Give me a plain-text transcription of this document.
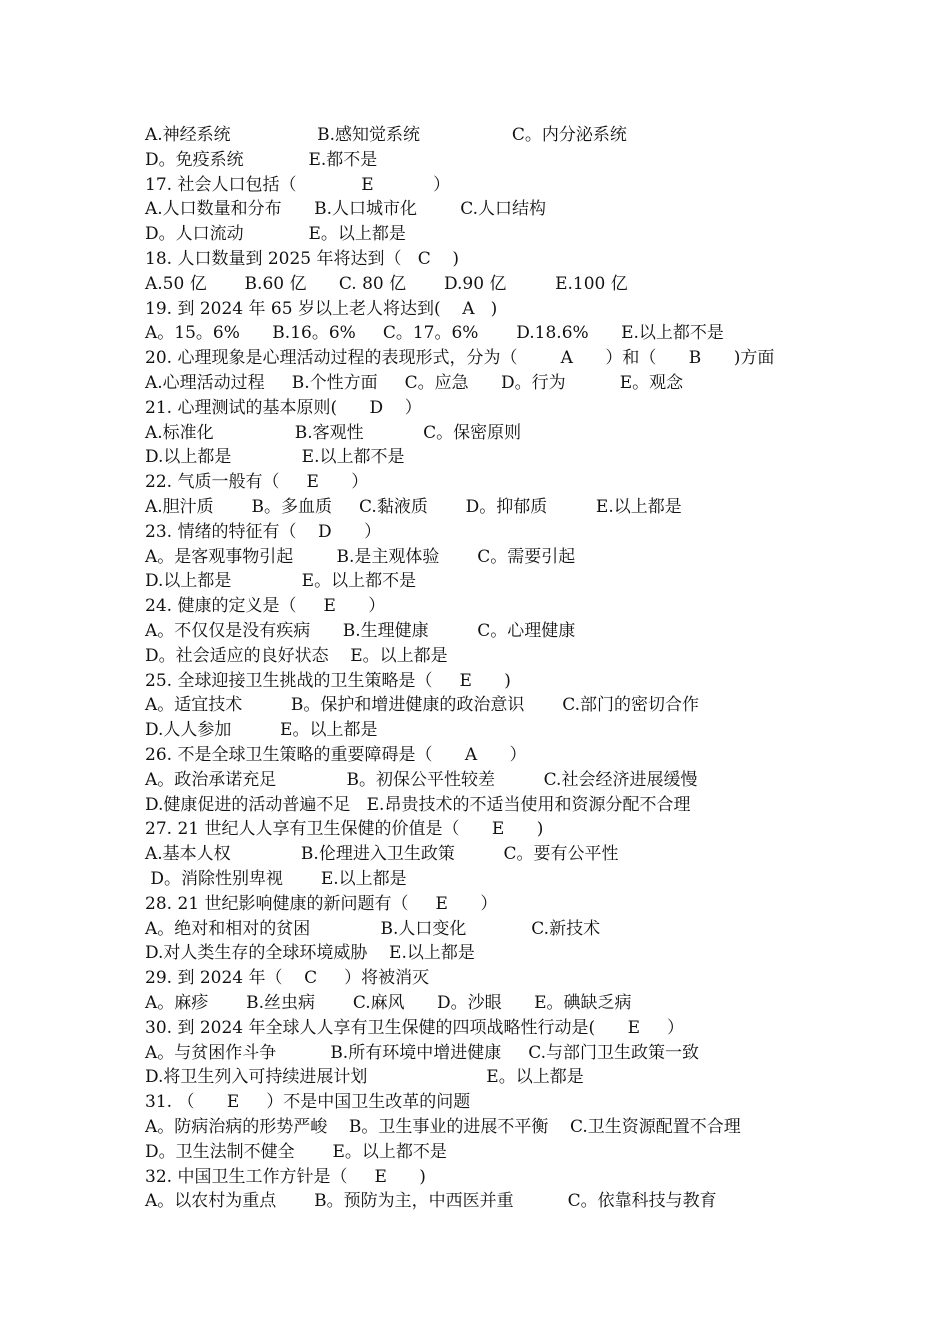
A.神经系统                B.感知觉系统                 C。内分泌系统
D。免疫系统            E.都不是
17. 社会人口包括（            E           ）
A.人口数量和分布      B.人口城市化        C.人口结构
D。人口流动            E。以上都是
18. 人口数量到 2025 年将达到（   C    )
A.50 亿       B.60 亿      C. 80 亿       D.90 亿         E.100 亿
19. 到 2024 年 65 岁以上老人将达到(    A   )
A。15。6%      B.16。6%     C。17。6%       D.18.6%      E.以上都不是
20. 心理现象是心理活动过程的表现形式，分为（        A      ）和（      B      )方面
A.心理活动过程     B.个性方面     C。应急      D。行为          E。观念
21. 心理测试的基本原则(      D    ）
A.标准化               B.客观性           C。保密原则
D.以上都是             E.以上都不是
22. 气质一般有（     E      ）
A.胆汁质       B。多血质     C.黏液质       D。抑郁质         E.以上都是
23. 情绪的特征有（    D      ）
A。是客观事物引起        B.是主观体验       C。需要引起
D.以上都是             E。以上都不是
24. 健康的定义是（     E      ）
A。不仅仅是没有疾病      B.生理健康         C。心理健康
D。社会适应的良好状态    E。以上都是
25. 全球迎接卫生挑战的卫生策略是（     E      )
A。适宜技术         B。保护和增进健康的政治意识       C.部门的密切合作
D.人人参加         E。以上都是
26. 不是全球卫生策略的重要障碍是（      A      ）
A。政治承诺充足             B。初保公平性较差         C.社会经济进展缓慢
D.健康促进的活动普遍不足   E.昂贵技术的不适当使用和资源分配不合理
27. 21 世纪人人享有卫生保健的价值是（      E      )
A.基本人权             B.伦理进入卫生政策         C。要有公平性
D。消除性别卑视       E.以上都是
28. 21 世纪影响健康的新问题有（     E      ）
A。绝对和相对的贫困             B.人口变化            C.新技术
D.对人类生存的全球环境威胁    E.以上都是
29. 到 2024 年（    C     ）将被消灭
A。麻疹       B.丝虫病       C.麻风      D。沙眼      E。碘缺乏病
30. 到 2024 年全球人人享有卫生保健的四项战略性行动是(      E     ）
A。与贫困作斗争          B.所有环境中增进健康     C.与部门卫生政策一致
D.将卫生列入可持续进展计划                      E。以上都是
31. （      E     ）不是中国卫生改革的问题
A。防病治病的形势严峻    B。卫生事业的进展不平衡    C.卫生资源配置不合理
D。卫生法制不健全       E。以上都不是
32. 中国卫生工作方针是（     E      )
A。以农村为重点       B。预防为主，中西医并重          C。依靠科技与教育
